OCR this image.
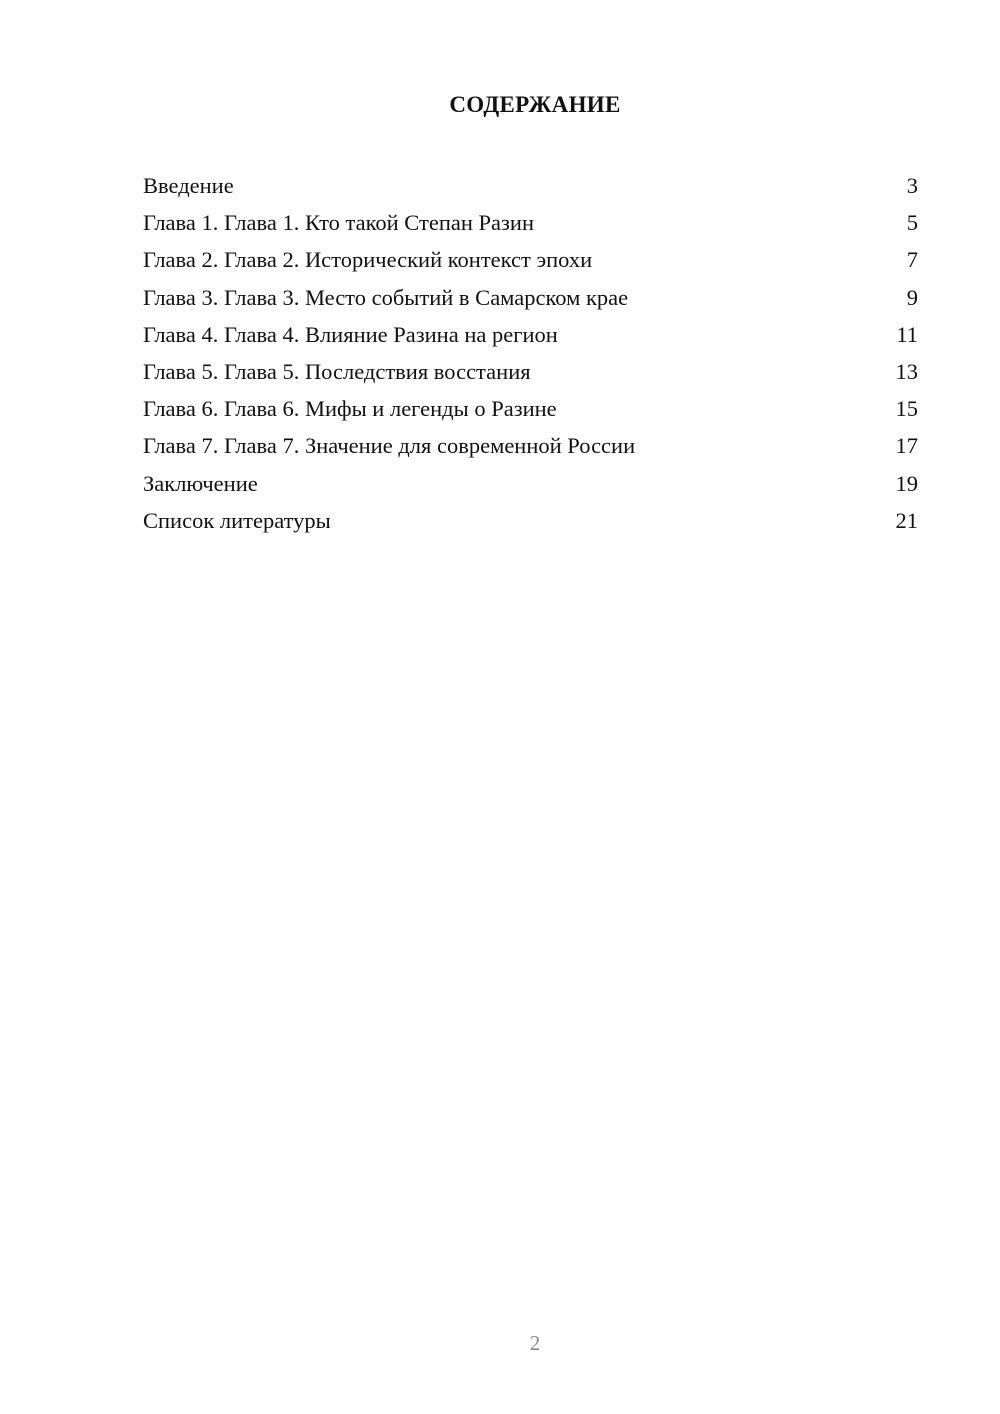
СОДЕРЖАНИЕ
Введение	3
Глава 1. Глава 1. Кто такой Степан Разин	5
Глава 2. Глава 2. Исторический контекст эпохи	7
Глава 3. Глава 3. Место событий в Самарском крае	9
Глава 4. Глава 4. Влияние Разина на регион	11
Глава 5. Глава 5. Последствия восстания	13
Глава 6. Глава 6. Мифы и легенды о Разине	15
Глава 7. Глава 7. Значение для современной России	17
Заключение	19
Список литературы	21
2
